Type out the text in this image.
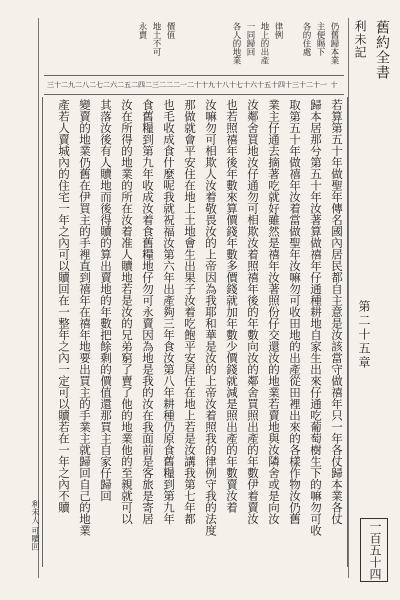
舊約全書
利未記
第二十五章
一百五十四
仍舊歸本業
主便賜下
各的住處
律例
地上的出產
一同歸回
各人的地業
價值
地土不可
永賣
十
十一
十二
十三
十四
十五
十六
十七
十八
十九
二十
二一
二二
二三
二四
二五
二六
二七
二八
二九
三十
若算第五十年做聖年傳名國內居民都自主意是汝該當守做禧年只一年各仗歸本業各仗
歸本居那兮第五十年汝著算做禧年仔通種耕地自家生出來仔通吃葡萄樹生下的嘛勿可收
取第五十年做禧年汝着當做聖年汝嘛勿可收田地的出產從田裡出來的各樣作物汝仍舊
業主仔通去摘著吃就好雖然是禧年汝著照份仔交還汝的地業若賣地與汝隣舍或是向汝
汝鄰舍買地汝仔通勿可相欺汝着照禧年後的年數向汝的鄰舍買照出產的年數伊着賣汝
也若照禧年後年數來算價錢年數多價錢就加年數少價錢就減是照出產的年數賣汝着
汝嘛勿可相欺人汝着敬畏汝的上帝因為我耶和華是汝的上帝汝着照我的律例守我的法度
那做就會平安住在地上土地會生出果子汝着吃飽平安居住在地上若是汝講我第七年都
也毛收成食什麼呢我就祝福汝第六年出產夠三年食汝第八年耕種仍原食舊糧到第九年
食舊糧到第九年收成汝着食舊糧地仔勿可永賣因為地是我的汝在我面前是客旅是寄居
汝在所得的地業的所在汝着准人贖地若是汝的兄弟窮了賣了他的地業他的至親就可以
其落汝後有人贖地而後得贖的算出賣地的年數把餘剩的價值還那買主自家仔歸回
變賣的地業仍舊在伊買主的手裡直到禧年在禧年地要出買主的手業主就歸回自己的地業
產若人賣城內的住宅一年之內可以贖回在一整年之內一定可以贖若在一年之內不贖
利未人 可贖回
